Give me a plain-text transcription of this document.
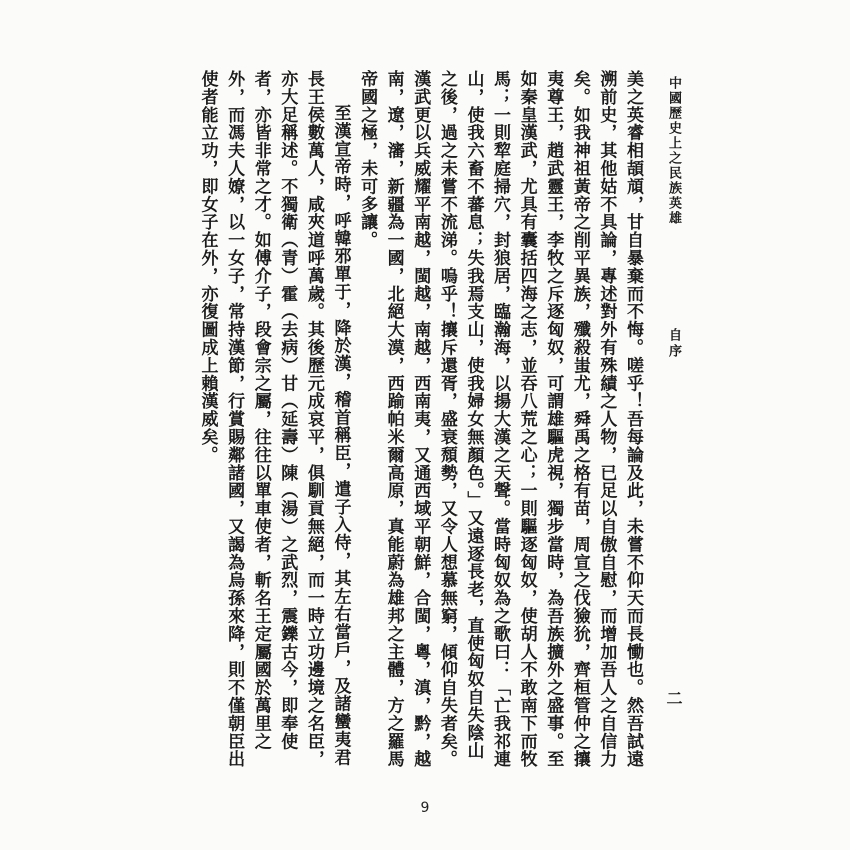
中國歷史上之民族英雄
自序
二

美之英睿相頡頏，甘自暴棄而不悔。嗟乎！吾每論及此，未嘗不仰天而長慟也。然吾試遠溯前史，其他姑不具論，專述對外有殊績之人物，已足以自傲自慰，而增加吾人之自信力矣。如我神祖黃帝之削平異族，殲殺蚩尤，舜禹之格有苗，周宣之伐獫狁，齊桓管仲之攘夷尊王，趙武靈王，李牧之斥逐匈奴，可謂雄驅虎視，獨步當時，為吾族擴外之盛事。至如秦皇漢武，尤具有囊括四海之志，並吞八荒之心；一則驅逐匈奴，使胡人不敢南下而牧馬；一則犂庭掃穴，封狼居，臨瀚海，以揚大漢之天聲。當時匈奴為之歌曰：「亡我祁連山，使我六畜不蕃息；失我焉支山，使我婦女無顏色。」又遠逐長老，直使匈奴自失陰山之後，過之未嘗不流涕。嗚乎！攘斥還胥，盛衰頹勢，又令人想慕無窮，傾仰自失者矣。漢武更以兵威耀平南越，閩越，南越，西南夷，又通西域平朝鮮，合閩，粵，滇，黔，越南，遼，瀋，新疆為一國，北絕大漠，西踰帕米爾高原，真能蔚為雄邦之主體，方之羅馬帝國之極，未可多讓。

至漢宣帝時，呼韓邪單于，降於漢，稽首稱臣，遣子入侍，其左右當戶，及諸蠻夷君長王侯數萬人，咸夾道呼萬歲。其後歷元成哀平，俱馴貢無絕，而一時立功邊境之名臣，亦大足稱述。不獨衛（青）霍（去病）甘（延壽）陳（湯）之武烈，震鑠古今，即奉使者，亦皆非常之才。如傅介子，段會宗之屬，往往以單車使者，斬名王定屬國於萬里之外，而馮夫人嫽，以一女子，常持漢節，行賞賜鄰諸國，又謁為烏孫來降，則不僅朝臣出使者能立功，即女子在外，亦復圖成上賴漢威矣。

9
